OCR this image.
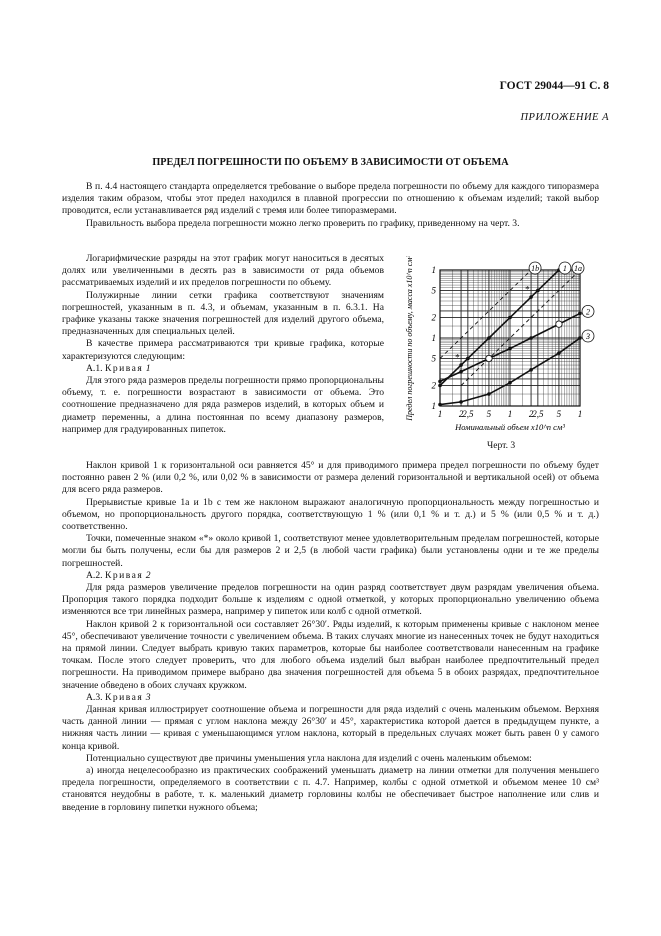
ГОСТ 29044—91 С. 8
ПРИЛОЖЕНИЕ А
ПРЕДЕЛ ПОГРЕШНОСТИ ПО ОБЪЕМУ В ЗАВИСИМОСТИ ОТ ОБЪЕМА

В п. 4.4 настоящего стандарта определяется требование о выборе предела погрешности по объему для каждого типоразмера изделия таким образом, чтобы этот предел находился в плавной прогрессии по отношению к объемам изделий; такой выбор проводится, если устанавливается ряд изделий с тремя или более типоразмерами.

Правильность выбора предела погрешности можно легко проверить по графику, приведенному на черт. 3.

Логарифмические разряды на этот график могут наноситься в десятых долях или увеличенными в десять раз в зависимости от ряда объемов рассматриваемых изделий и их пределов погрешности по объему.

Полужирные линии сетки графика соответствуют значениям погрешностей, указанным в п. 4.3, и объемам, указанным в п. 6.3.1. На графике указаны также значения погрешностей для изделий другого объема, предназначенных для специальных целей.

В качестве примера рассматриваются три кривые графика, которые характеризуются следующим:

А.1. Кривая 1

Для этого ряда размеров пределы погрешности прямо пропорциональны объему, т. е. погрешности возрастают в зависимости от объема. Это соотношение предназначено для ряда размеров изделий, в которых объем и диаметр переменны, а длина постоянная по всему диапазону размеров, например для градуированных пипеток.

1 2
2,5 5 1 2
2,5 5 1
1
2
5
1
2
5
1
Номинальный объем x10^n см³
Предел погрешности по объему, масса x10^n см³	1b	1 1a
2
3
*
*
Черт. 3

Наклон кривой 1 к горизонтальной оси равняется 45° и для приводимого примера предел погрешности по объему будет постоянно равен 2 % (или 0,2 %, или 0,02 % в зависимости от размера делений горизонтальной и вертикальной осей) от объема для всего ряда размеров.

Прерывистые кривые 1a и 1b с тем же наклоном выражают аналогичную пропорциональность между погрешностью и объемом, но пропорциональность другого порядка, соответствующую 1 % (или 0,1 % и т. д.) и 5 % (или 0,5 % и т. д.) соответственно.

Точки, помеченные знаком «*» около кривой 1, соответствуют менее удовлетворительным пределам погрешностей, которые могли бы быть получены, если бы для размеров 2 и 2,5 (в любой части графика) были установлены одни и те же пределы погрешностей.

А.2. Кривая 2

Для ряда размеров увеличение пределов погрешности на один разряд соответствует двум разрядам увеличения объема. Пропорция такого порядка подходит больше к изделиям с одной отметкой, у которых пропорционально увеличению объема изменяются все три линейных размера, например у пипеток или колб с одной отметкой.

Наклон кривой 2 к горизонтальной оси составляет 26°30′. Ряды изделий, к которым применены кривые с наклоном менее 45°, обеспечивают увеличение точности с увеличением объема. В таких случаях многие из нанесенных точек не будут находиться на прямой линии. Следует выбрать кривую таких параметров, которые бы наиболее соответствовали нанесенным на графике точкам. После этого следует проверить, что для любого объема изделий был выбран наиболее предпочтительный предел погрешности. На приводимом примере выбрано два значения погрешностей для объема 5 в обоих разрядах, предпочтительное значение обведено в обоих случаях кружком.

А.3. Кривая 3

Данная кривая иллюстрирует соотношение объема и погрешности для ряда изделий с очень маленьким объемом. Верхняя часть данной линии — прямая с углом наклона между 26°30′ и 45°, характеристика которой дается в предыдущем пункте, а нижняя часть линии — кривая с уменьшающимся углом наклона, который в предельных случаях может быть равен 0 у самого конца кривой.

Потенциально существуют две причины уменьшения угла наклона для изделий с очень маленьким объемом:

а) иногда нецелесообразно из практических соображений уменьшать диаметр на линии отметки для получения меньшего предела погрешности, определяемого в соответствии с п. 4.7. Например, колбы с одной отметкой и объемом менее 10 см³ становятся неудобны в работе, т. к. маленький диаметр горловины колбы не обеспечивает быстрое наполнение или слив и введение в горловину пипетки нужного объема;
